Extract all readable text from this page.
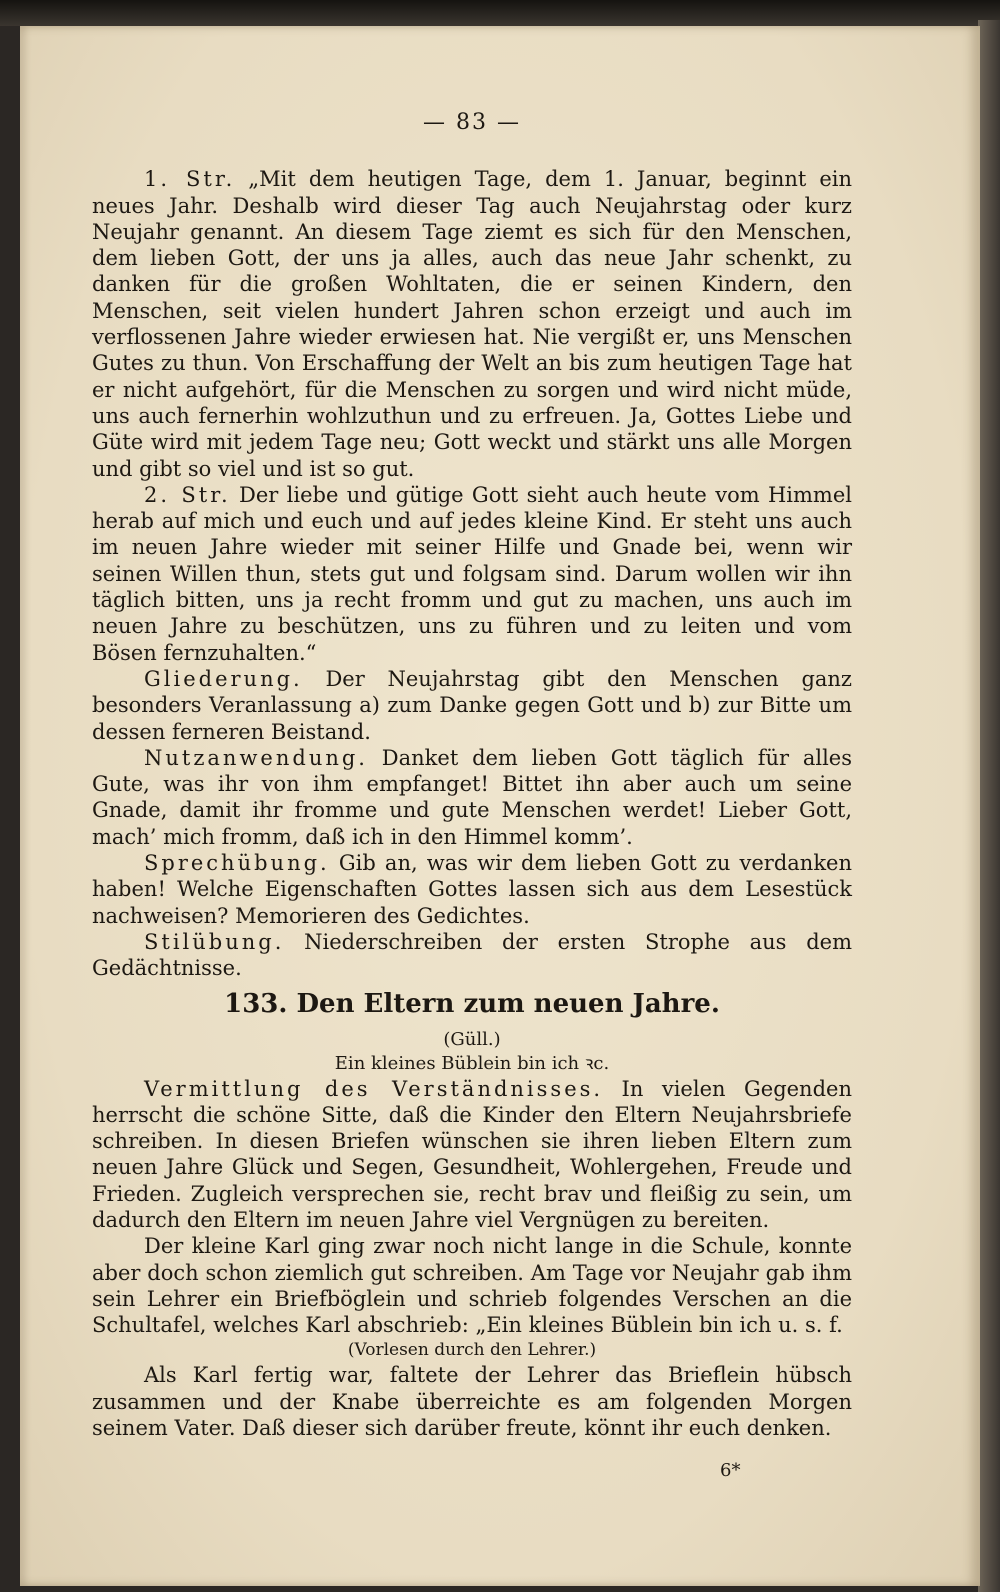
— 83 —

1. Str. „Mit dem heutigen Tage, dem 1. Januar, beginnt ein neues Jahr. Deshalb wird dieser Tag auch Neujahrstag oder kurz Neujahr genannt. An diesem Tage ziemt es sich für den Menschen, dem lieben Gott, der uns ja alles, auch das neue Jahr schenkt, zu danken für die großen Wohltaten, die er seinen Kindern, den Menschen, seit vielen hundert Jahren schon erzeigt und auch im verflossenen Jahre wieder erwiesen hat. Nie vergißt er, uns Menschen Gutes zu thun. Von Erschaffung der Welt an bis zum heutigen Tage hat er nicht aufgehört, für die Menschen zu sorgen und wird nicht müde, uns auch fernerhin wohlzuthun und zu erfreuen. Ja, Gottes Liebe und Güte wird mit jedem Tage neu; Gott weckt und stärkt uns alle Morgen und gibt so viel und ist so gut.

2. Str. Der liebe und gütige Gott sieht auch heute vom Himmel herab auf mich und euch und auf jedes kleine Kind. Er steht uns auch im neuen Jahre wieder mit seiner Hilfe und Gnade bei, wenn wir seinen Willen thun, stets gut und folgsam sind. Darum wollen wir ihn täglich bitten, uns ja recht fromm und gut zu machen, uns auch im neuen Jahre zu beschützen, uns zu führen und zu leiten und vom Bösen fernzuhalten.“

Gliederung. Der Neujahrstag gibt den Menschen ganz besonders Veranlassung a) zum Danke gegen Gott und b) zur Bitte um dessen ferneren Beistand.

Nutzanwendung. Danket dem lieben Gott täglich für alles Gute, was ihr von ihm empfanget! Bittet ihn aber auch um seine Gnade, damit ihr fromme und gute Menschen werdet! Lieber Gott, mach’ mich fromm, daß ich in den Himmel komm’.

Sprechübung. Gib an, was wir dem lieben Gott zu verdanken haben! Welche Eigenschaften Gottes lassen sich aus dem Lesestück nachweisen? Memorieren des Gedichtes.

Stilübung. Niederschreiben der ersten Strophe aus dem Gedächtnisse.

133. Den Eltern zum neuen Jahre.

(Güll.)

Ein kleines Büblein bin ich ꝛc.

Vermittlung des Verständnisses. In vielen Gegenden herrscht die schöne Sitte, daß die Kinder den Eltern Neujahrsbriefe schreiben. In diesen Briefen wünschen sie ihren lieben Eltern zum neuen Jahre Glück und Segen, Gesundheit, Wohlergehen, Freude und Frieden. Zugleich versprechen sie, recht brav und fleißig zu sein, um dadurch den Eltern im neuen Jahre viel Vergnügen zu bereiten.

Der kleine Karl ging zwar noch nicht lange in die Schule, konnte aber doch schon ziemlich gut schreiben. Am Tage vor Neujahr gab ihm sein Lehrer ein Briefböglein und schrieb folgendes Verschen an die Schultafel, welches Karl abschrieb: „Ein kleines Büblein bin ich u. s. f.

(Vorlesen durch den Lehrer.)

Als Karl fertig war, faltete der Lehrer das Brieflein hübsch zusammen und der Knabe überreichte es am folgenden Morgen seinem Vater. Daß dieser sich darüber freute, könnt ihr euch denken.

6*
